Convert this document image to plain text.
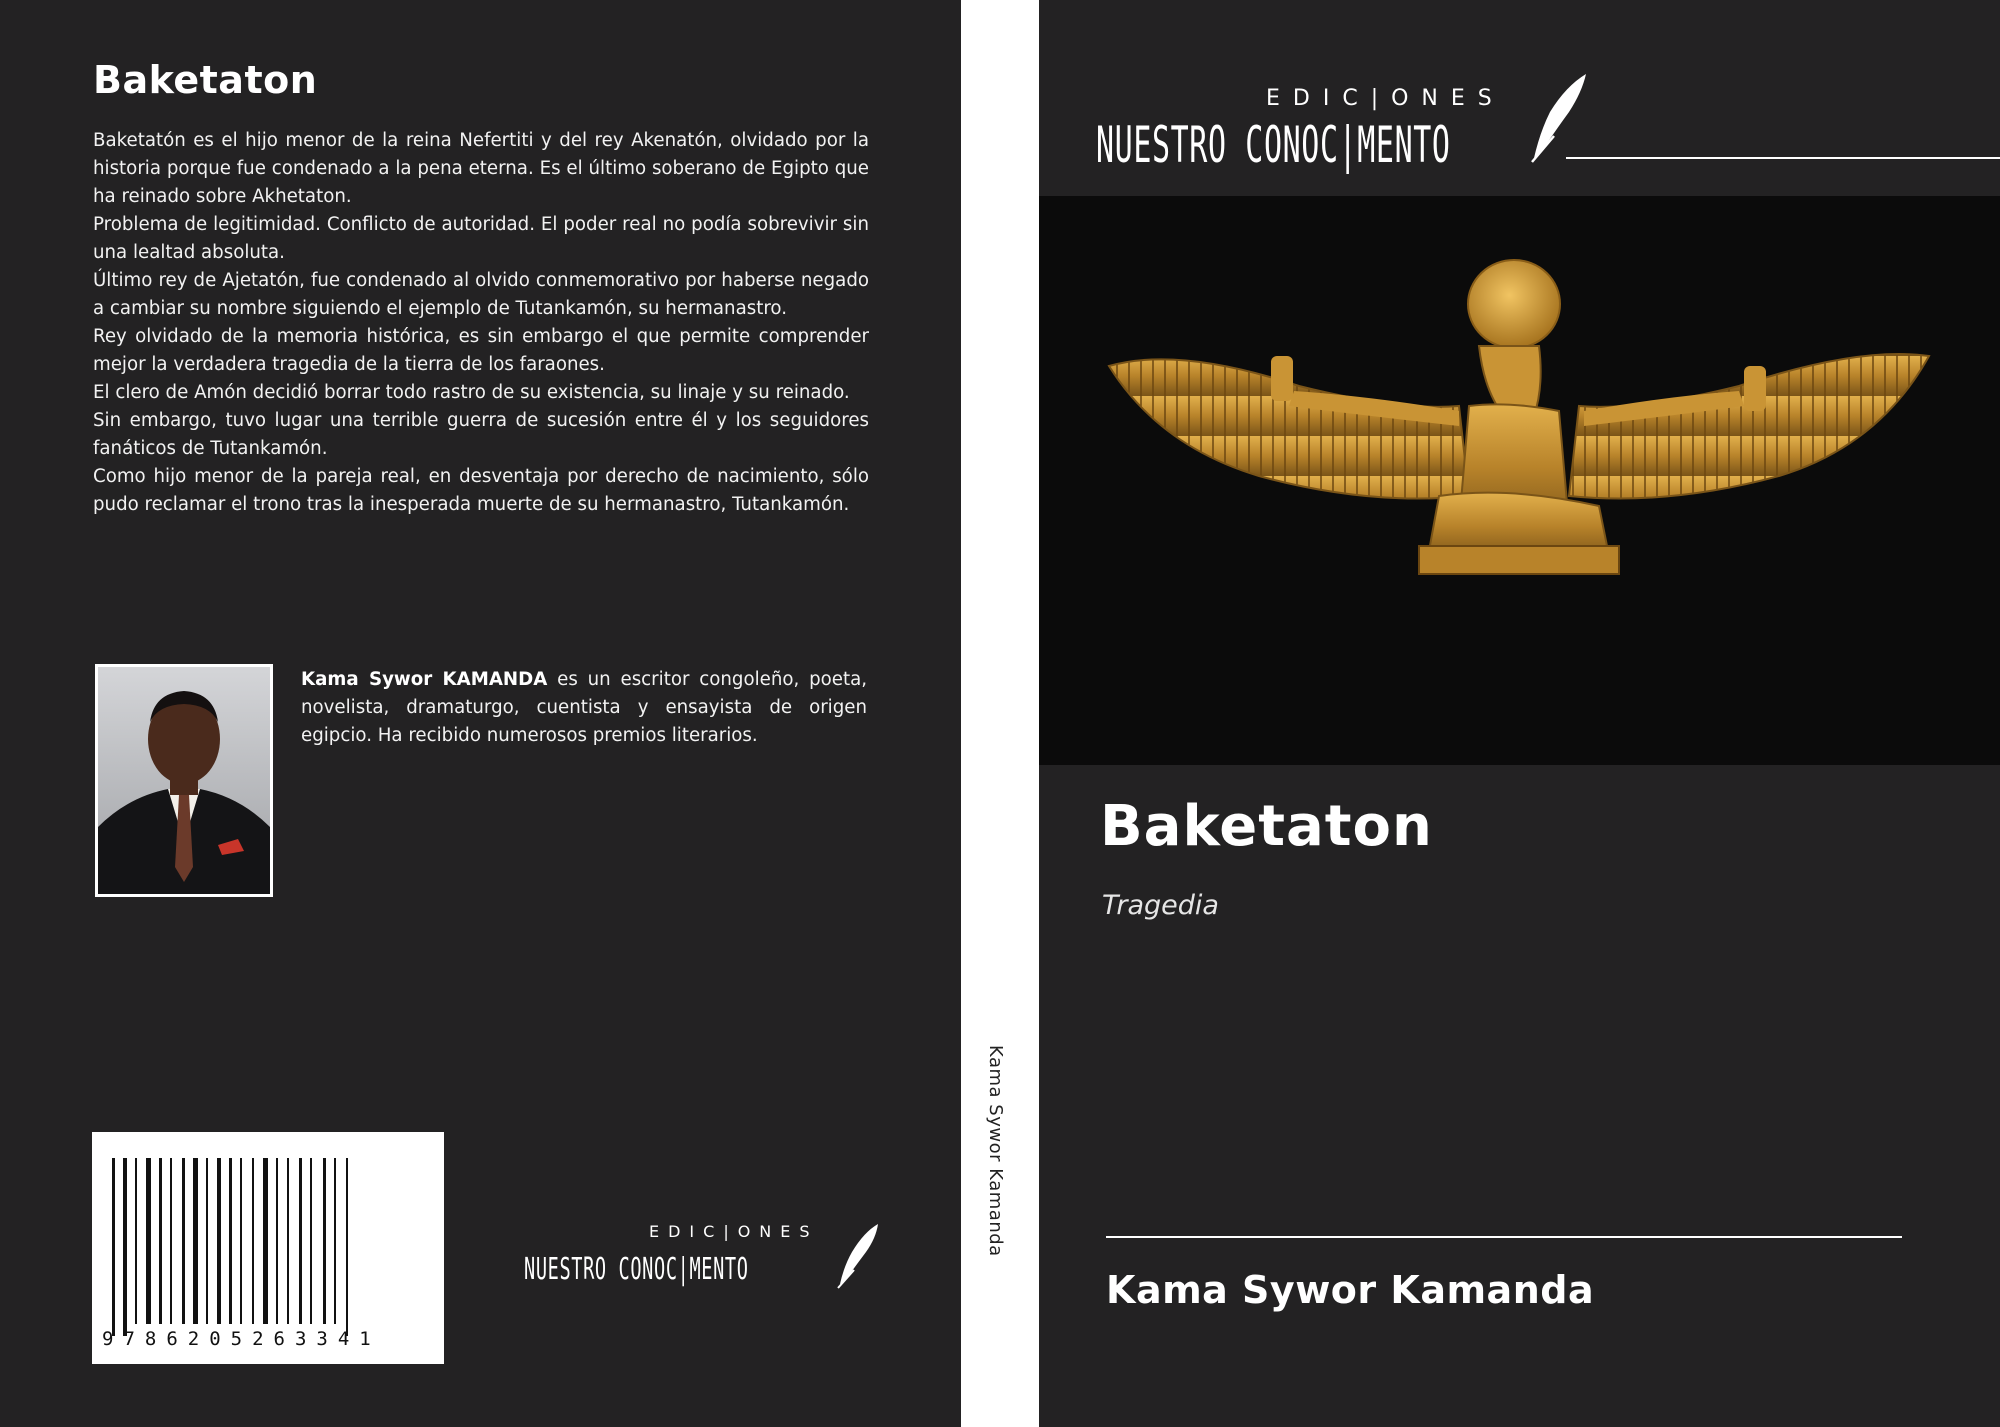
Baketaton

Baketatón es el hijo menor de la reina Nefertiti y del rey Akenatón, olvidado por la historia porque fue condenado a la pena eterna. Es el último soberano de Egipto que ha reinado sobre Akhetaton.

Problema de legitimidad. Conflicto de autoridad. El poder real no podía sobrevivir sin una lealtad absoluta.

Último rey de Ajetatón, fue condenado al olvido conmemorativo por haberse negado a cambiar su nombre siguiendo el ejemplo de Tutankamón, su hermanastro.

Rey olvidado de la memoria histórica, es sin embargo el que permite comprender mejor la verdadera tragedia de la tierra de los faraones.

El clero de Amón decidió borrar todo rastro de su existencia, su linaje y su reinado.

Sin embargo, tuvo lugar una terrible guerra de sucesión entre él y los seguidores fanáticos de Tutankamón.

Como hijo menor de la pareja real, en desventaja por derecho de nacimiento, sólo pudo reclamar el trono tras la inesperada muerte de su hermanastro, Tutankamón.

Kama Sywor KAMANDA es un escritor congoleño, poeta, novelista, dramaturgo, cuentista y ensayista de origen egipcio. Ha recibido numerosos premios literarios.
9786205263341
EDIC|ONES
NUESTRO CONOC|MENTO
Kama Sywor Kamanda
EDIC|ONES
NUESTRO CONOC|MENTO
Baketaton
Tragedia
Kama Sywor Kamanda
